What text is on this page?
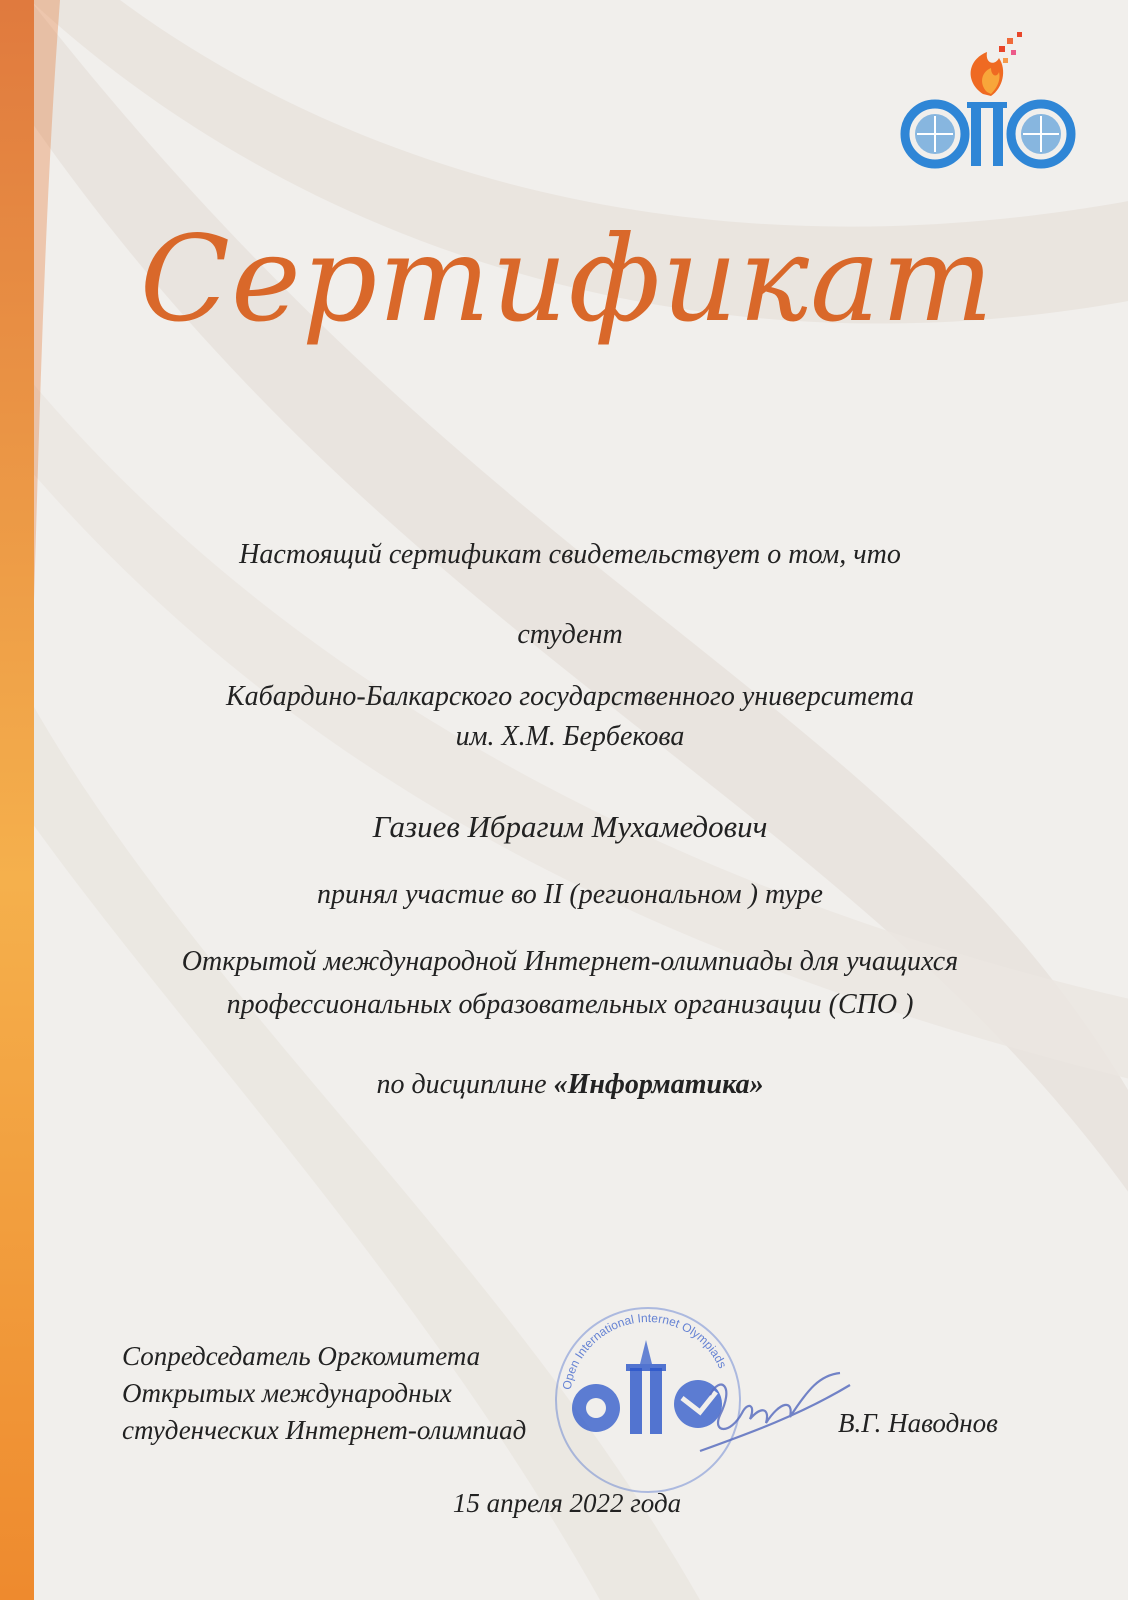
ОIIО
Сертификат
Настоящий сертификат свидетельствует о том, что
студент
Кабардино-Балкарского государственного университета
им. Х.М. Бербекова
Газиев Ибрагим Мухамедович
принял участие во II (региональном ) туре
Открытой международной Интернет-олимпиады для учащихся
профессиональных образовательных организации (СПО )
по дисциплине «Информатика»
Сопредседатель Оргкомитета
Открытых международных
студенческих Интернет-олимпиад
Open International Internet Olympiads
В.Г. Наводнов
15 апреля 2022 года
